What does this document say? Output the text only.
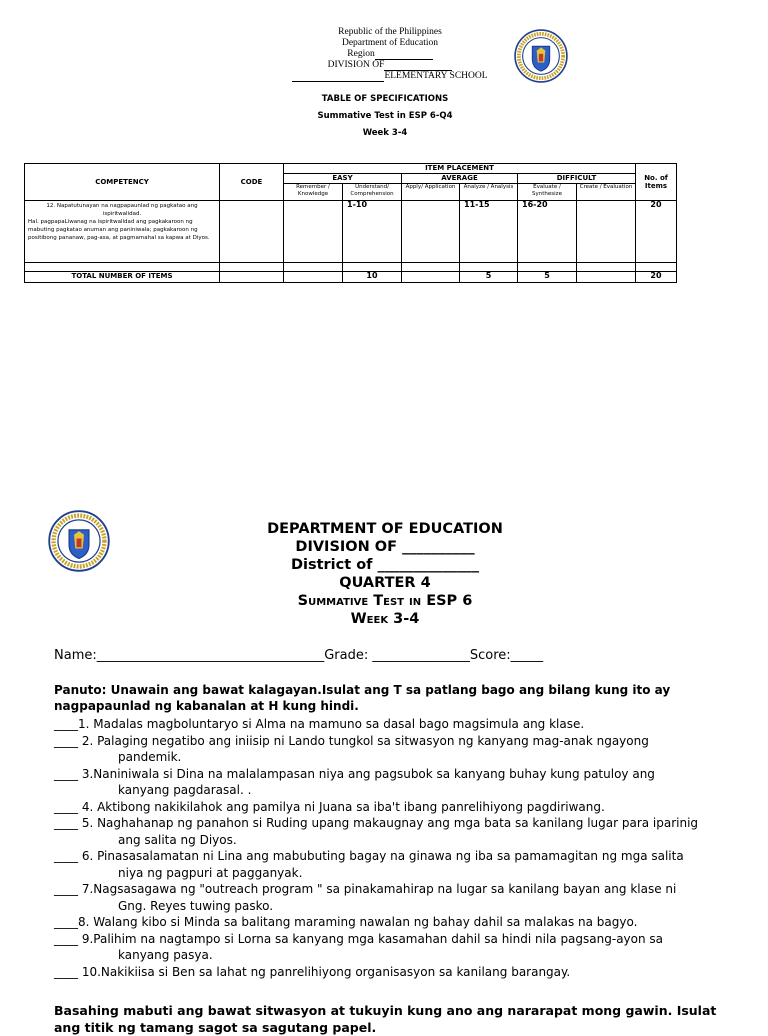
Republic of the Philippines
Department of Education
Region
DIVISION OF
ELEMENTARY SCHOOL
TABLE OF SPECIFICATIONS
Summative Test in ESP 6-Q4
Week 3-4
COMPETENCY	CODE	ITEM PLACEMENT						No. of Items
		EASY		AVERAGE		DIFFICULT		
		Remember / Knowledge	Understand/ Comprehension	Apply/ Application	Analyze / Analysis	Evaluate / Synthesize	Create / Evaluation	

12. Napatutunayan na nagpapaunlad ng pagkatao ang ispiritwalidad.
Hal. pagpapaLiwanag na ispiritwalidad ang pagkakaroon ng mabuting pagkatao anuman ang paniniwala; pagkakaroon ng positibong pananaw, pag-asa, at pagmamahal sa kapwa at Diyos.			1-10		11-15	16-20		20

TOTAL NUMBER OF ITEMS			10		5	5		20
DEPARTMENT OF EDUCATION
DIVISION OF __________
District of ______________
QUARTER 4
Summative Test in ESP 6
Week 3-4
Name:___________________________________Grade: _______________Score:_____
Panuto: Unawain ang bawat kalagayan.Isulat ang T sa patlang bago ang bilang kung ito ay nagpapaunlad ng kabanalan at H kung hindi.
____1. Madalas magboluntaryo si Alma na mamuno sa dasal bago magsimula ang klase.
____ 2. Palaging negatibo ang iniisip ni Lando tungkol sa sitwasyon ng kanyang mag-anak ngayong
pandemik.
____ 3.Naniniwala si Dina na malalampasan niya ang pagsubok sa kanyang buhay kung patuloy ang
kanyang pagdarasal. .
____ 4. Aktibong nakikilahok ang pamilya ni Juana sa iba't ibang panrelihiyong pagdiriwang.
____ 5. Naghahanap ng panahon si Ruding upang makaugnay ang mga bata sa kanilang lugar para iparinig
ang salita ng Diyos.
____ 6. Pinasasalamatan ni Lina ang mabubuting bagay na ginawa ng iba sa pamamagitan ng mga salita
niya ng pagpuri at pagganyak.
____ 7.Nagsasagawa ng "outreach program " sa pinakamahirap na lugar sa kanilang bayan ang klase ni
Gng. Reyes tuwing pasko.
____8. Walang kibo si Minda sa balitang maraming nawalan ng bahay dahil sa malakas na bagyo.
____ 9.Palihim na nagtampo si Lorna sa kanyang mga kasamahan dahil sa hindi nila pagsang-ayon sa
kanyang pasya.
____ 10.Nakikiisa si Ben sa lahat ng panrelihiyong organisasyon sa kanilang barangay.
Basahing mabuti ang bawat sitwasyon at tukuyin kung ano ang nararapat mong gawin. Isulat ang titik ng tamang sagot sa sagutang papel.
